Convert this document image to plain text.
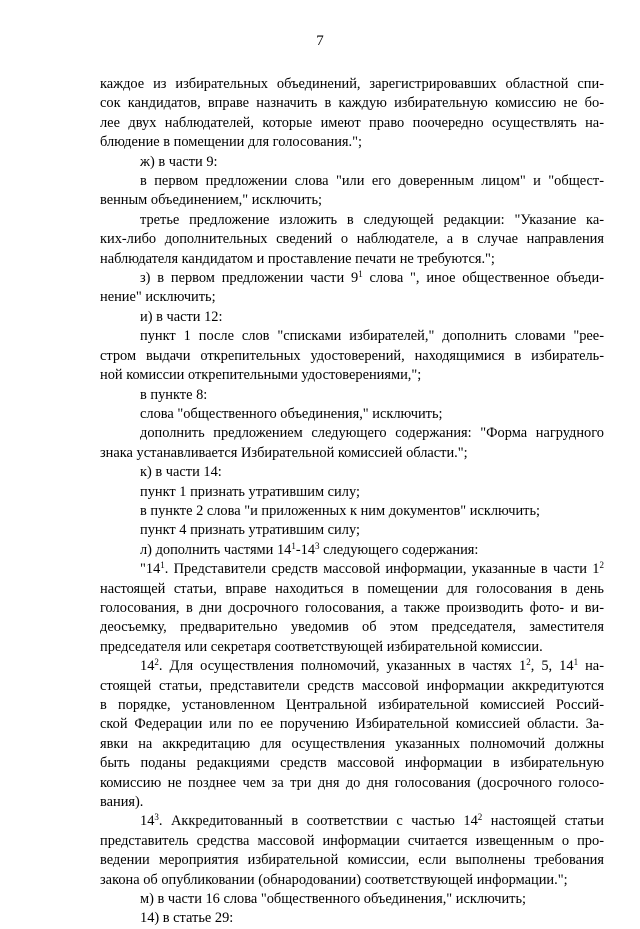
7
каждое из избирательных объединений, зарегистрировавших областной спи-
сок кандидатов, вправе назначить в каждую избирательную комиссию не бо-
лее двух наблюдателей, которые имеют право поочередно осуществлять на-
блюдение в помещении для голосования.";
ж) в части 9:
в первом предложении слова "или его доверенным лицом" и "общест-
венным объединением," исключить;
третье предложение изложить в следующей редакции: "Указание ка-
ких-либо дополнительных сведений о наблюдателе, а в случае направления
наблюдателя кандидатом и проставление печати не требуются.";
з) в первом предложении части $9^1$ слова ", иное общественное объеди-
нение" исключить;
и) в части 12:
пункт 1 после слов "списками избирателей," дополнить словами "рее-
стром выдачи открепительных удостоверений, находящимися в избиратель-
ной комиссии открепительными удостоверениями,";
в пункте 8:
слова "общественного объединения," исключить;
дополнить предложением следующего содержания: "Форма нагрудного
знака устанавливается Избирательной комиссией области.";
к) в части 14:
пункт 1 признать утратившим силу;
в пункте 2 слова "и приложенных к ним документов" исключить;
пункт 4 признать утратившим силу;
л) дополнить частями $14^1-14^3$ следующего содержания:
"$14^1$. Представители средств массовой информации, указанные в части $1^2$
настоящей статьи, вправе находиться в помещении для голосования в день
голосования, в дни досрочного голосования, а также производить фото- и ви-
деосъемку, предварительно уведомив об этом председателя, заместителя
председателя или секретаря соответствующей избирательной комиссии.
$14^2$. Для осуществления полномочий, указанных в частях $1^2$, 5, $14^1$ на-
стоящей статьи, представители средств массовой информации аккредитуются
в порядке, установленном Центральной избирательной комиссией Россий-
ской Федерации или по ее поручению Избирательной комиссией области. За-
явки на аккредитацию для осуществления указанных полномочий должны
быть поданы редакциями средств массовой информации в избирательную
комиссию не позднее чем за три дня до дня голосования (досрочного голосо-
вания).
$14^3$. Аккредитованный в соответствии с частью $14^2$ настоящей статьи
представитель средства массовой информации считается извещенным о про-
ведении мероприятия избирательной комиссии, если выполнены требования
закона об опубликовании (обнародовании) соответствующей информации.";
м) в части 16 слова "общественного объединения," исключить;
14) в статье 29:
